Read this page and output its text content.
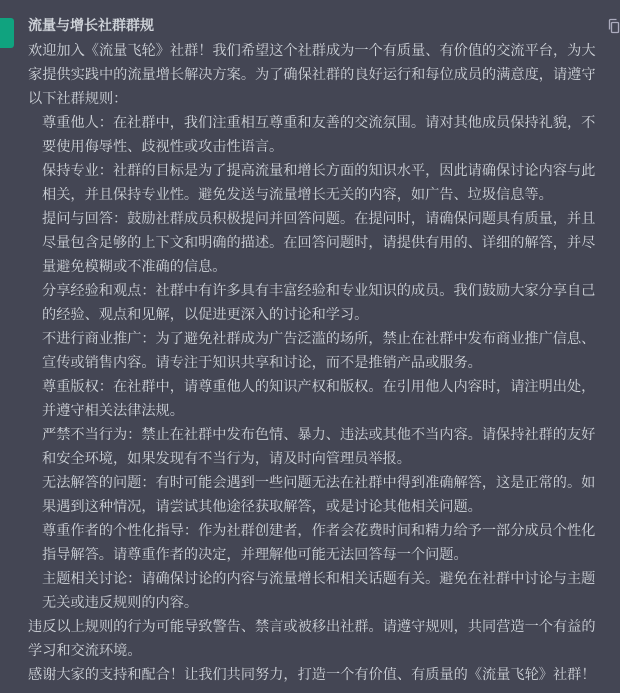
流量与增长社群群规

欢迎加入《流量飞轮》社群！我们希望这个社群成为一个有质量、有价值的交流平台，为大家提供实践中的流量增长解决方案。为了确保社群的良好运行和每位成员的满意度，请遵守以下社群规则：

尊重他人：在社群中，我们注重相互尊重和友善的交流氛围。请对其他成员保持礼貌，不要使用侮辱性、歧视性或攻击性语言。
保持专业：社群的目标是为了提高流量和增长方面的知识水平，因此请确保讨论内容与此相关，并且保持专业性。避免发送与流量增长无关的内容，如广告、垃圾信息等。
提问与回答：鼓励社群成员积极提问并回答问题。在提问时，请确保问题具有质量，并且尽量包含足够的上下文和明确的描述。在回答问题时，请提供有用的、详细的解答，并尽量避免模糊或不准确的信息。
分享经验和观点：社群中有许多具有丰富经验和专业知识的成员。我们鼓励大家分享自己的经验、观点和见解，以促进更深入的讨论和学习。
不进行商业推广：为了避免社群成为广告泛滥的场所，禁止在社群中发布商业推广信息、宣传或销售内容。请专注于知识共享和讨论，而不是推销产品或服务。
尊重版权：在社群中，请尊重他人的知识产权和版权。在引用他人内容时，请注明出处，并遵守相关法律法规。
严禁不当行为：禁止在社群中发布色情、暴力、违法或其他不当内容。请保持社群的友好和安全环境，如果发现有不当行为，请及时向管理员举报。
无法解答的问题：有时可能会遇到一些问题无法在社群中得到准确解答，这是正常的。如果遇到这种情况，请尝试其他途径获取解答，或是讨论其他相关问题。
尊重作者的个性化指导：作为社群创建者，作者会花费时间和精力给予一部分成员个性化指导解答。请尊重作者的决定，并理解他可能无法回答每一个问题。
主题相关讨论：请确保讨论的内容与流量增长和相关话题有关。避免在社群中讨论与主题无关或违反规则的内容。

违反以上规则的行为可能导致警告、禁言或被移出社群。请遵守规则，共同营造一个有益的学习和交流环境。

感谢大家的支持和配合！让我们共同努力，打造一个有价值、有质量的《流量飞轮》社群！
